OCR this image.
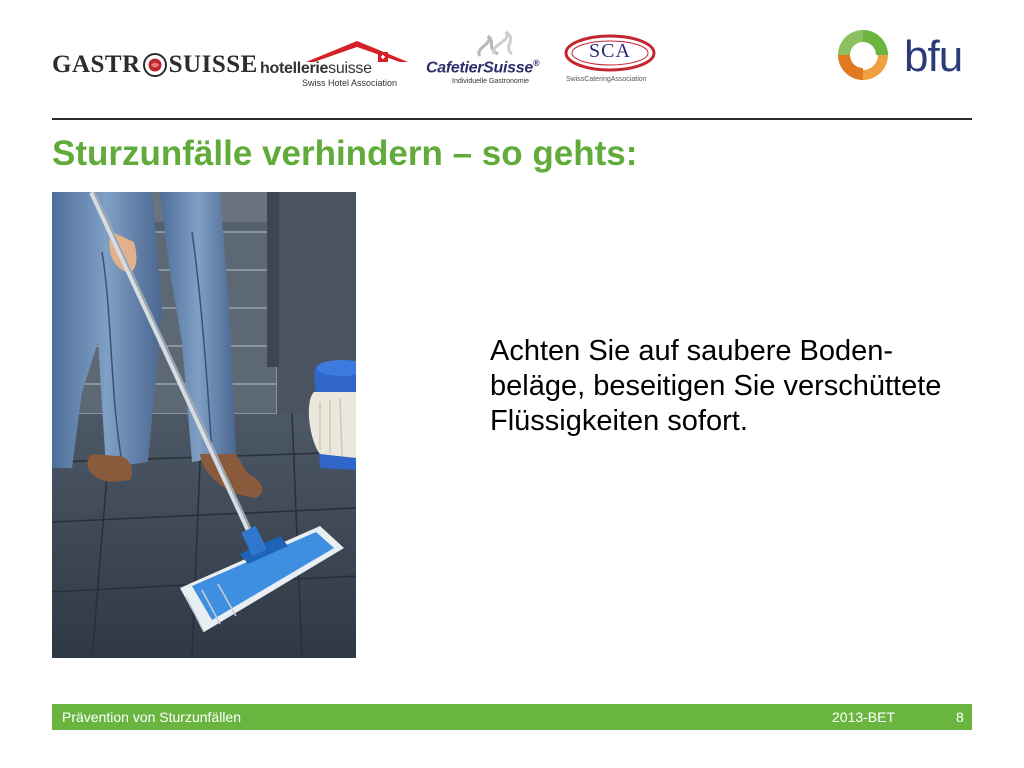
GASTR SUISSE hotelleriesuisse
Swiss Hotel Association
CafetierSuisse®
Individuelle Gastronomie
SCA
SwissCateringAssociation	bfu
Sturzunfälle verhindern – so gehts:
Achten Sie auf saubere Boden-
beläge, beseitigen Sie verschüttete
Flüssigkeiten sofort.
Prävention von Sturzunfällen	2013-BET	8
